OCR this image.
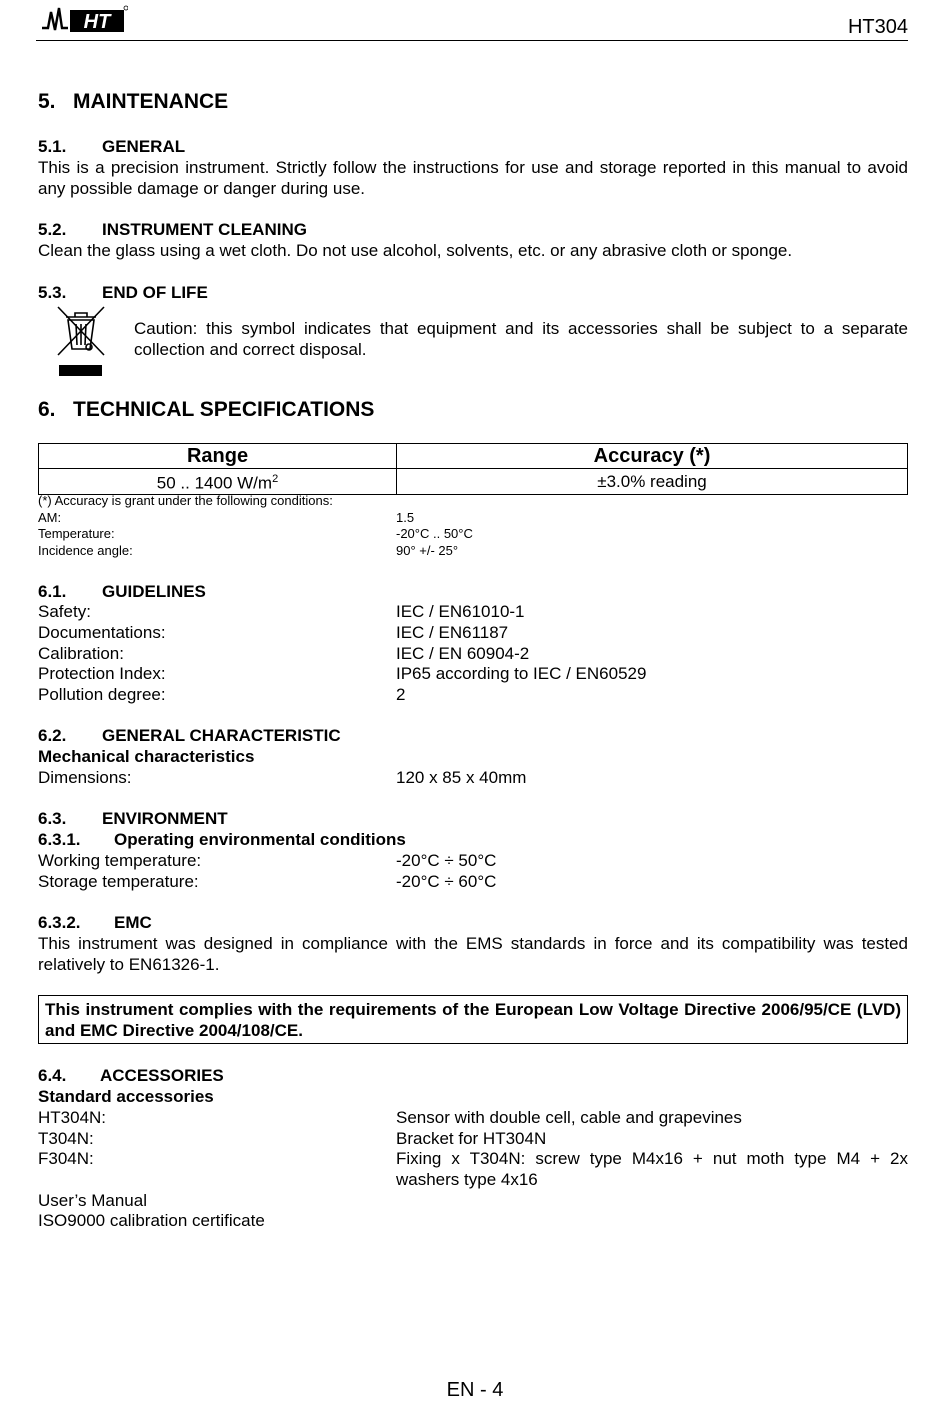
HT	HT304
5.   MAINTENANCE
5.1. GENERAL
This is a precision instrument. Strictly follow the instructions for use and storage reported in this manual to avoid any possible damage or danger during use.
5.2. INSTRUMENT CLEANING
Clean the glass using a wet cloth. Do not use alcohol, solvents, etc. or any abrasive cloth or sponge.
5.3. END OF LIFE
Caution: this symbol indicates that equipment and its accessories shall be subject to a separate collection and correct disposal.
6.   TECHNICAL SPECIFICATIONS
Range	Accuracy (*)
50 .. 1400 $W/m^2$	±3.0% reading
(*) Accuracy is grant under the following conditions:
AM:	1.5
Temperature:	-20°C .. 50°C
Incidence angle:	90° +/- 25°
6.1. GUIDELINES
Safety:	IEC / EN61010-1
Documentations:	IEC / EN61187
Calibration:	IEC / EN 60904-2
Protection Index:	IP65 according to IEC / EN60529
Pollution degree:	2
6.2. GENERAL CHARACTERISTIC
Mechanical characteristics
Dimensions:	120 x 85 x 40mm
6.3. ENVIRONMENT
6.3.1. Operating environmental conditions
Working temperature:	-20°C ÷ 50°C
Storage temperature:	-20°C ÷ 60°C
6.3.2. EMC
This instrument was designed in compliance with the EMS standards in force and its compatibility was tested relatively to EN61326-1.
This instrument complies with the requirements of the European Low Voltage Directive 2006/95/CE (LVD) and EMC Directive 2004/108/CE.
6.4. ACCESSORIES
Standard accessories
HT304N:	Sensor with double cell, cable and grapevines
T304N:	Bracket for HT304N
F304N:	Fixing x T304N: screw type M4x16 + nut moth type M4 + 2x washers type 4x16
User’s Manual
ISO9000 calibration certificate
EN - 4
